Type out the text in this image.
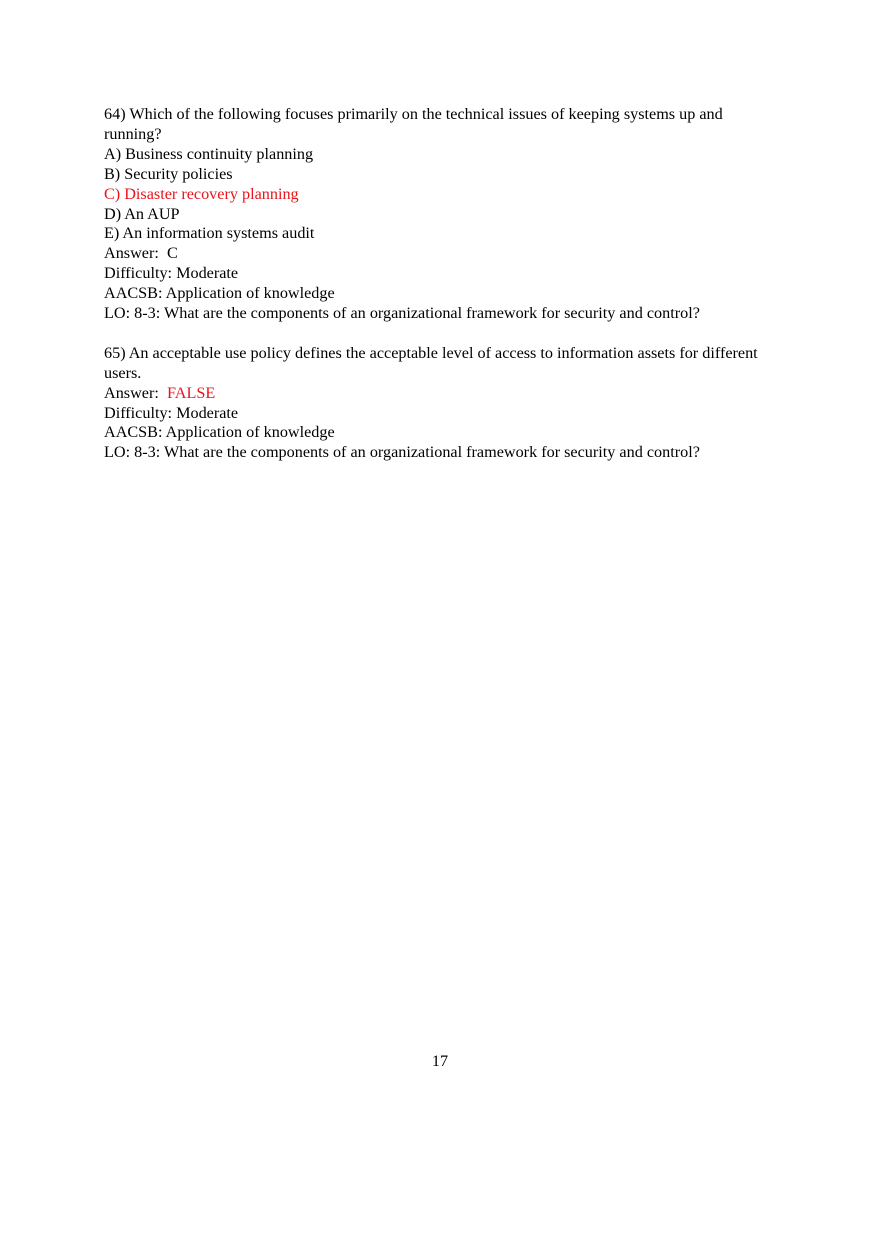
64) Which of the following focuses primarily on the technical issues of keeping systems up and running?
A) Business continuity planning
B) Security policies
C) Disaster recovery planning
D) An AUP
E) An information systems audit
Answer: C
Difficulty: Moderate
AACSB: Application of knowledge
LO: 8-3: What are the components of an organizational framework for security and control?
65) An acceptable use policy defines the acceptable level of access to information assets for different users.
Answer: FALSE
Difficulty: Moderate
AACSB: Application of knowledge
LO: 8-3: What are the components of an organizational framework for security and control?
17
